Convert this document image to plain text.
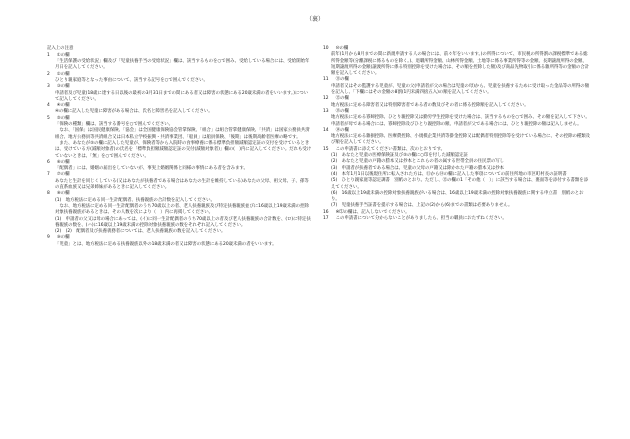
（裏）
記入上の注意
1 ①の欄
「生活保護の受給状況」欄及び「児童扶養手当の受給状況」欄は、該当するものを○で囲み、受給している場合には、受給開始年月日を記入してください。
2 ②の欄
ひとり親家庭等となった事由について、該当する記号を○で囲んでください。
3 ③の欄
申請者及び児童(18歳に達する日以後の最初の3月31日までの間にある者又は障害の状態にある20歳未満の者をいいます。)について記入してください。
4 ④の欄
④の欄に記入した児童に障害がある場合は、氏名と障害名を記入してください。
5 ⑤の欄
「保険の種類」欄は、該当する番号を○で囲んでください。
　なお、「国保」は国民健康保険、「協会」は全国健康保険協会管掌保険、「組合」は組合管掌健康保険、「共済」は国家公務員共済組合、地方公務員等共済組合又は日本私立学校振興・共済事業団、「船員」は船員保険、「後期」は後期高齢者医療の略です。
　また、あなたが⑤の欄に記入した児童が、保険者等から入院時の食事療養に係る標準負担額減額認定証の交付を受けているときは、受けている方(減額対象者)の氏名を「標準負担額減額認定証の交付(減額対象者)」欄の(　)内に記入してください。だれも受けていないときは、「無」を○で囲んでください。
6 ⑥の欄
「配偶者」には、婚姻の届出をしていないが、事実上婚姻関係と同様の事情にある者を含みます。
7 ⑦の欄
あなたと生計を同じくしている(又はあなたが扶養者である場合はあなたの生計を維持している)あなたの父母、祖父母、子、孫等の直系血族又は兄弟姉妹があるときに記入してください。
8 ⑧の欄
(1)　地方税法に定める同一生計配偶者、扶養親族の合計数を記入してください。
　なお、地方税法に定める同一生計配偶者のうち70歳以上の者、老人扶養親族及び特定扶養親族並びに16歳以上19歳未満の控除対象扶養親族があるときは、その人数を次により（　）内に再掲してください。
(1)　申請者の父又は母の場合にあっては、(イ)に同一生計配偶者のうち70歳以上の者及び老人扶養親族の合計数を、(ロ)に特定扶養親族の数を、(ハ)に16歳以上19歳未満の控除対象扶養親族の数をそれぞれ記入してください。
(2)　(2)　配偶者及び扶養義務者については、老人扶養親族の数を記入してください。
9 ⑨の欄
「児童」とは、地方税法に定める扶養親族以外の18歳未満の者又は障害の状態にある20歳未満の者をいいます。
10 ⑩の欄
前年(1月から8月までの間に新規申請する人の場合には、前々年をいいます。)の所得について、市民税の所得割の課税標準である総所得金額等(分離課税に係るものを除く。)、退職所得金額、山林所得金額、土地等に係る事業所得等の金額、長期譲渡所得の金額、短期譲渡所得の金額(譲渡所得に係る特別控除を受けた場合は、その額を控除した額)及び商品先物取引に係る雑所得等の金額の合計額を記入してください。
11 ⑪の欄
申請者又はその監護する児童が、児童の父(申請者が父の場合は児童の母)から、児童を扶養するために受け取った金品等の所得の額を記入し、「下欄にはその金額の8割(1円未満四捨五入)の額を記入してください。
12 ⑫の欄
地方税法に定める障害者又は特別障害者である者の数及びその者に係る控除額を記入してください。
13 ⑬の欄
地方税法に定める寡婦控除、ひとり親控除又は勤労学生控除を受けた場合は、該当するものを○で囲み、その額を記入して下さい。申請者が母である場合には、寡婦控除及びひとり親控除の額、申請者が父である場合には、ひとり親控除の額は記入しません。
14 ⑭の欄
地方税法に定める雑損控除、医療費控除、小規模企業共済等掛金控除又は配偶者特別控除等を受けている場合に、その控除の種類及び額を記入してください。
15 この申請書に添えてください書類は、次のとおりです。
(1)　あなたと児童の医療保険証及び⑤の欄に○印を付した減額認定証
(2)　あなたと児童の戸籍の謄本又は抄本とこれらの者の属する世帯全員の住民票の写し
(3)　申請者が扶養者である場合は、児童の父母の戸籍又は除かれた戸籍の謄本又は抄本
(4)　本年1月1日以後現住所に転入された方は、⑪から⑭の欄に記入した事項についての前住所地の市区町村長の証明書
(5)　ひとり親家庭等認定調書　別紙のとおり。ただし、⑫の欄の1「その他（　）」に該当する場合は、裏面等を添付する書類を添えてください。
(6)　16歳以上19歳未満の控除対象扶養親族がいる場合は、16歳以上19歳未満の控除対象扶養親族に関する申立書　別紙のとおり。
(7)　児童扶養手当証書を提示する場合は、上記の(2)から(6)までの書類は必要ありません。
16 ※印の欄は、記入しないでください。
17 この申請書について分からないことがありましたら、担当の職員におたずねください。
